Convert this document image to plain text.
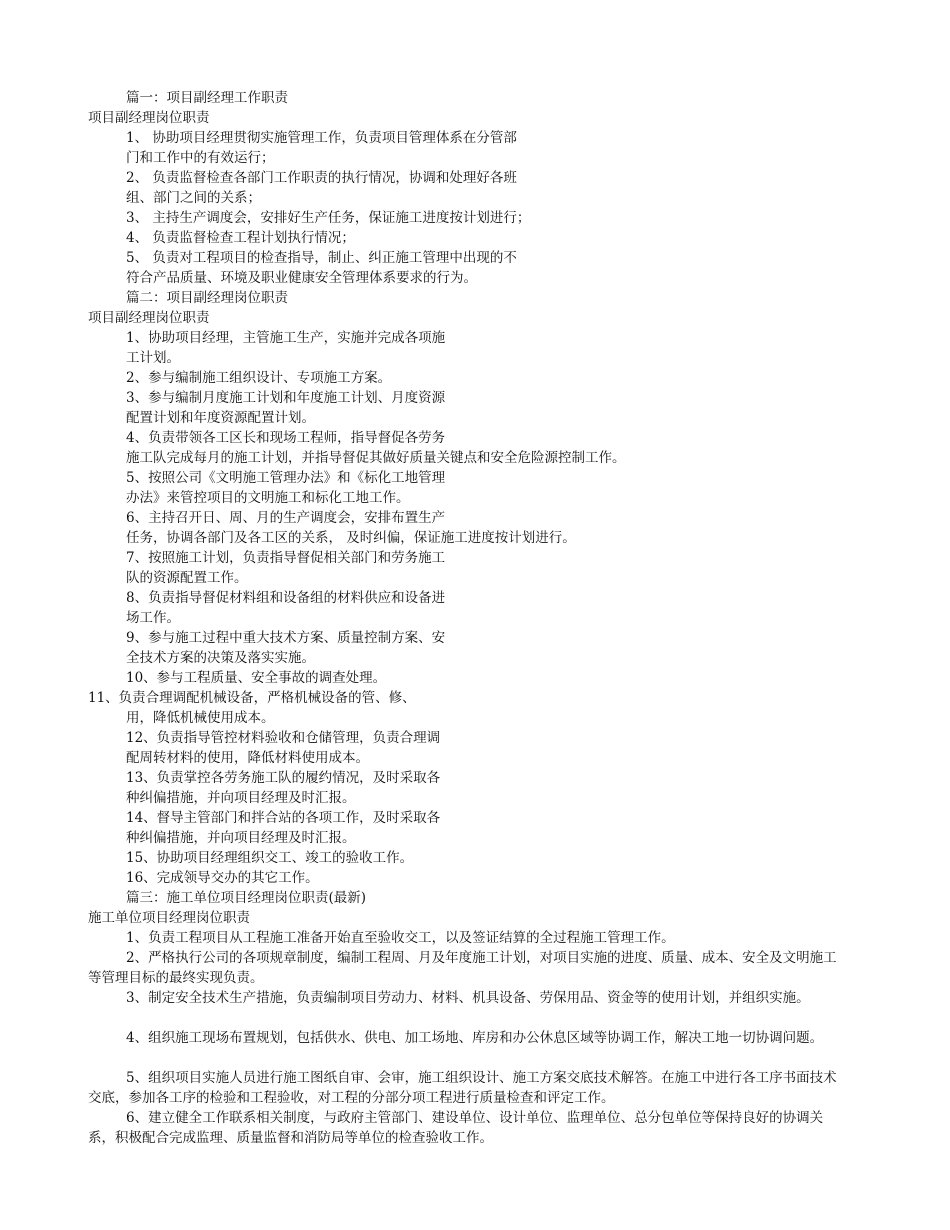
篇一：项目副经理工作职责
项目副经理岗位职责
1、 协助项目经理贯彻实施管理工作，负责项目管理体系在分管部
门和工作中的有效运行；
2、 负责监督检查各部门工作职责的执行情况，协调和处理好各班
组、部门之间的关系；
3、 主持生产调度会，安排好生产任务，保证施工进度按计划进行；
4、 负责监督检查工程计划执行情况；
5、 负责对工程项目的检查指导，制止、纠正施工管理中出现的不
符合产品质量、环境及职业健康安全管理体系要求的行为。
篇二：项目副经理岗位职责
项目副经理岗位职责
1、协助项目经理，主管施工生产，实施并完成各项施
工计划。
2、参与编制施工组织设计、专项施工方案。
3、参与编制月度施工计划和年度施工计划、月度资源
配置计划和年度资源配置计划。
4、负责带领各工区长和现场工程师，指导督促各劳务
施工队完成每月的施工计划，并指导督促其做好质量关键点和安全危险源控制工作。
5、按照公司《文明施工管理办法》和《标化工地管理
办法》来管控项目的文明施工和标化工地工作。
6、主持召开日、周、月的生产调度会，安排布置生产
任务，协调各部门及各工区的关系， 及时纠偏，保证施工进度按计划进行。
7、按照施工计划，负责指导督促相关部门和劳务施工
队的资源配置工作。
8、负责指导督促材料组和设备组的材料供应和设备进
场工作。
9、参与施工过程中重大技术方案、质量控制方案、安
全技术方案的决策及落实实施。
10、参与工程质量、安全事故的调查处理。
11、负责合理调配机械设备，严格机械设备的管、修、
用，降低机械使用成本。
12、负责指导管控材料验收和仓储管理，负责合理调
配周转材料的使用，降低材料使用成本。
13、负责掌控各劳务施工队的履约情况，及时采取各
种纠偏措施，并向项目经理及时汇报。
14、督导主管部门和拌合站的各项工作，及时采取各
种纠偏措施，并向项目经理及时汇报。
15、协助项目经理组织交工、竣工的验收工作。
16、完成领导交办的其它工作。
篇三：施工单位项目经理岗位职责(最新)
施工单位项目经理岗位职责
1、负责工程项目从工程施工准备开始直至验收交工，以及签证结算的全过程施工管理工作。
2、严格执行公司的各项规章制度，编制工程周、月及年度施工计划，对项目实施的进度、质量、成本、安全及文明施工等管理目标的最终实现负责。
3、制定安全技术生产措施，负责编制项目劳动力、材料、机具设备、劳保用品、资金等的使用计划，并组织实施。
4、组织施工现场布置规划，包括供水、供电、加工场地、库房和办公休息区域等协调工作，解决工地一切协调问题。
5、组织项目实施人员进行施工图纸自审、会审，施工组织设计、施工方案交底技术解答。在施工中进行各工序书面技术交底，参加各工序的检验和工程验收，对工程的分部分项工程进行质量检查和评定工作。
6、建立健全工作联系相关制度，与政府主管部门、建设单位、设计单位、监理单位、总分包单位等保持良好的协调关系，积极配合完成监理、质量监督和消防局等单位的检查验收工作。
